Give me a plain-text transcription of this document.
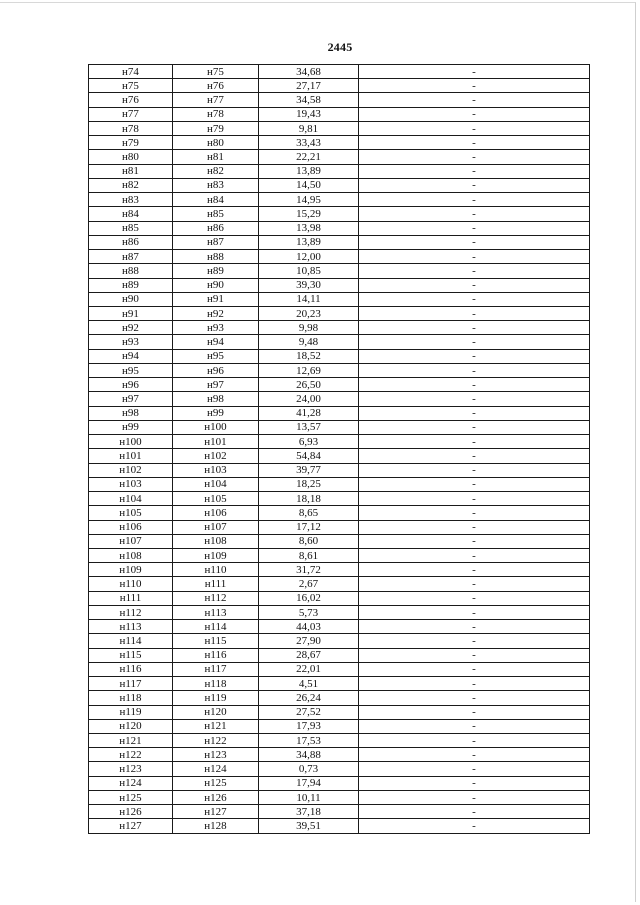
2445
н74	н75	34,68	-
н75	н76	27,17	-
н76	н77	34,58	-
н77	н78	19,43	-
н78	н79	9,81	-
н79	н80	33,43	-
н80	н81	22,21	-
н81	н82	13,89	-
н82	н83	14,50	-
н83	н84	14,95	-
н84	н85	15,29	-
н85	н86	13,98	-
н86	н87	13,89	-
н87	н88	12,00	-
н88	н89	10,85	-
н89	н90	39,30	-
н90	н91	14,11	-
н91	н92	20,23	-
н92	н93	9,98	-
н93	н94	9,48	-
н94	н95	18,52	-
н95	н96	12,69	-
н96	н97	26,50	-
н97	н98	24,00	-
н98	н99	41,28	-
н99	н100	13,57	-
н100	н101	6,93	-
н101	н102	54,84	-
н102	н103	39,77	-
н103	н104	18,25	-
н104	н105	18,18	-
н105	н106	8,65	-
н106	н107	17,12	-
н107	н108	8,60	-
н108	н109	8,61	-
н109	н110	31,72	-
н110	н111	2,67	-
н111	н112	16,02	-
н112	н113	5,73	-
н113	н114	44,03	-
н114	н115	27,90	-
н115	н116	28,67	-
н116	н117	22,01	-
н117	н118	4,51	-
н118	н119	26,24	-
н119	н120	27,52	-
н120	н121	17,93	-
н121	н122	17,53	-
н122	н123	34,88	-
н123	н124	0,73	-
н124	н125	17,94	-
н125	н126	10,11	-
н126	н127	37,18	-
н127	н128	39,51	-
